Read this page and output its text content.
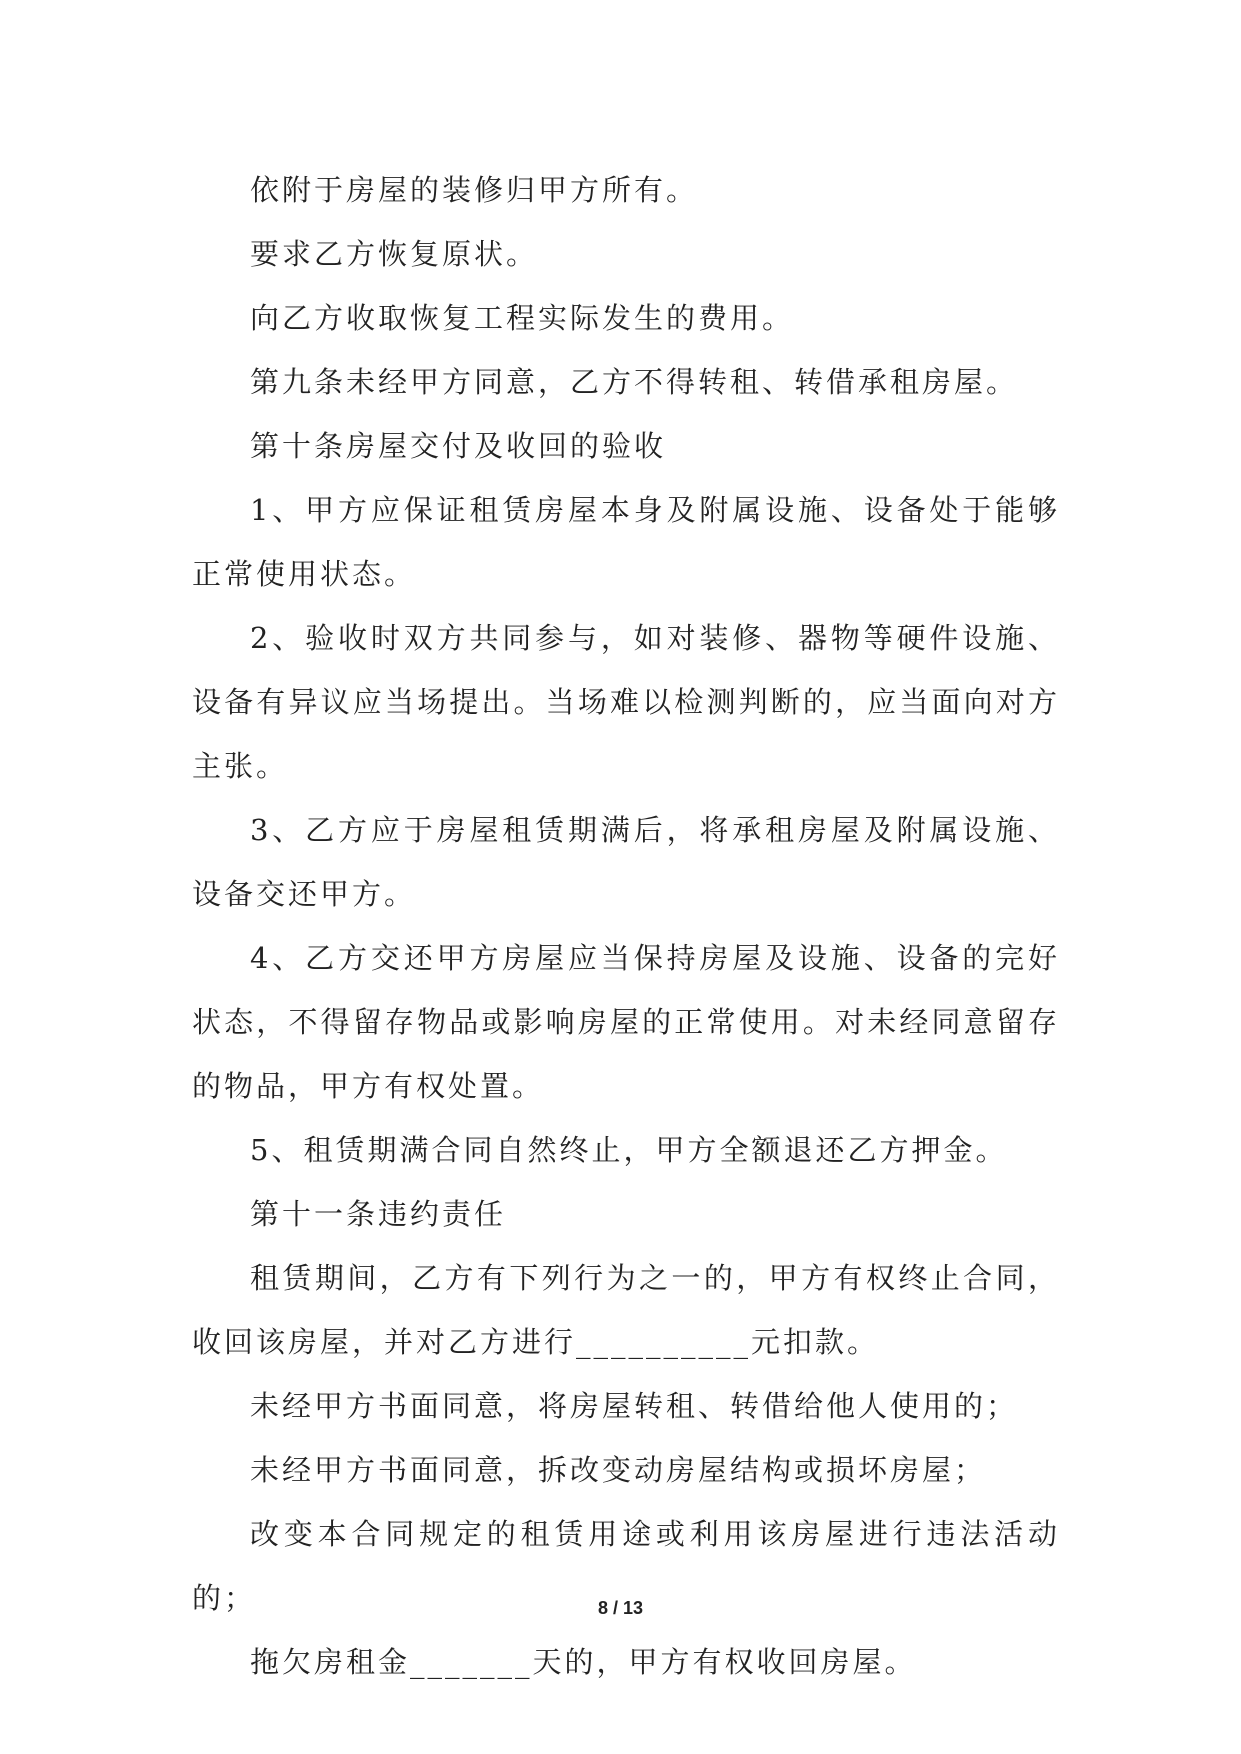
依附于房屋的装修归甲方所有。

要求乙方恢复原状。

向乙方收取恢复工程实际发生的费用。

第九条未经甲方同意，乙方不得转租、转借承租房屋。

第十条房屋交付及收回的验收

1、甲方应保证租赁房屋本身及附属设施、设备处于能够正常使用状态。

2、验收时双方共同参与，如对装修、器物等硬件设施、设备有异议应当场提出。当场难以检测判断的，应当面向对方主张。

3、乙方应于房屋租赁期满后，将承租房屋及附属设施、设备交还甲方。

4、乙方交还甲方房屋应当保持房屋及设施、设备的完好状态，不得留存物品或影响房屋的正常使用。对未经同意留存的物品，甲方有权处置。

5、租赁期满合同自然终止，甲方全额退还乙方押金。

第十一条违约责任

租赁期间，乙方有下列行为之一的，甲方有权终止合同，收回该房屋，并对乙方进行__________元扣款。

未经甲方书面同意，将房屋转租、转借给他人使用的；

未经甲方书面同意，拆改变动房屋结构或损坏房屋；

改变本合同规定的租赁用途或利用该房屋进行违法活动的；

拖欠房租金_______天的，甲方有权收回房屋。

8 / 13
